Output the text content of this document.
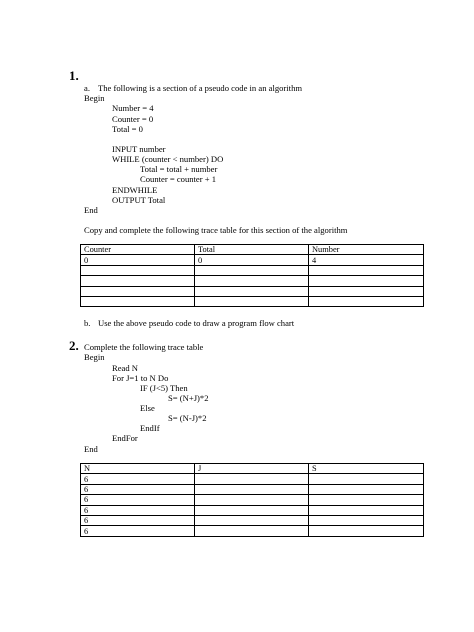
1.
a. The following is a section of a pseudo code in an algorithm
Begin
Number = 4
Counter = 0
Total = 0
INPUT number
WHILE (counter < number) DO
Total = total + number
Counter = counter + 1
ENDWHILE
OUTPUT Total
End
Copy and complete the following trace table for this section of the algorithm
Counter	Total	Number
0	0	4

b. Use the above pseudo code to draw a program flow chart
2. Complete the following trace table
Begin
Read N
For J=1 to N Do
IF (J<5) Then
S= (N+J)*2
Else
S= (N-J)*2
EndIf
EndFor
End
N	J	S
6		
6		
6		
6		
6		
6		
